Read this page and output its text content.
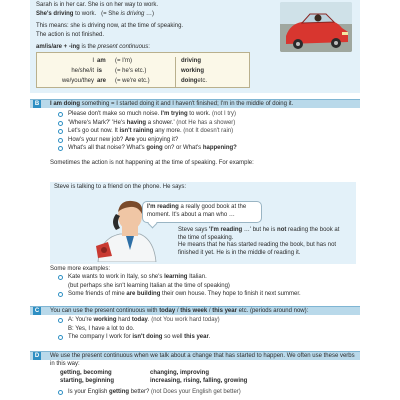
Sarah is in her car. She is on her way to work.

She's driving to work. (= She is driving …)

This means: she is driving now, at the time of speaking.

The action is not finished.

am/is/are + -ing is the present continuous:

I am	(= I'm)	driving
he/she/it is	(= he's etc.)	working
we/you/they are	(= we're etc.)	doing etc.
B	I am doing something = I started doing it and I haven't finished; I'm in the middle of doing it.
Please don't make so much noise. I'm trying to work. (not I try)
'Where's Mark?' 'He's having a shower.' (not He has a shower)
Let's go out now. It isn't raining any more. (not It doesn't rain)
How's your new job? Are you enjoying it?
What's all that noise? What's going on? or What's happening?
Sometimes the action is not happening at the time of speaking. For example:
Steve is talking to a friend on the phone. He says:
I'm reading a really good book at the moment. It's about a man who …

Steve says 'I'm reading …' but he is not reading the book at the time of speaking.

He means that he has started reading the book, but has not finished it yet. He is in the middle of reading it.

Some more examples:
Kate wants to work in Italy, so she's learning Italian.
(but perhaps she isn't learning Italian at the time of speaking)
Some friends of mine are building their own house. They hope to finish it next summer.
C	You can use the present continuous with today / this week / this year etc. (periods around now):
A: You're working hard today. (not You work hard today)
B: Yes, I have a lot to do.
The company I work for isn't doing so well this year.
D	We use the present continuous when we talk about a change that has started to happen. We often use these verbs in this way:
getting, becoming	changing, improving
starting, beginning	increasing, rising, falling, growing
Is your English getting better? (not Does your English get better)
